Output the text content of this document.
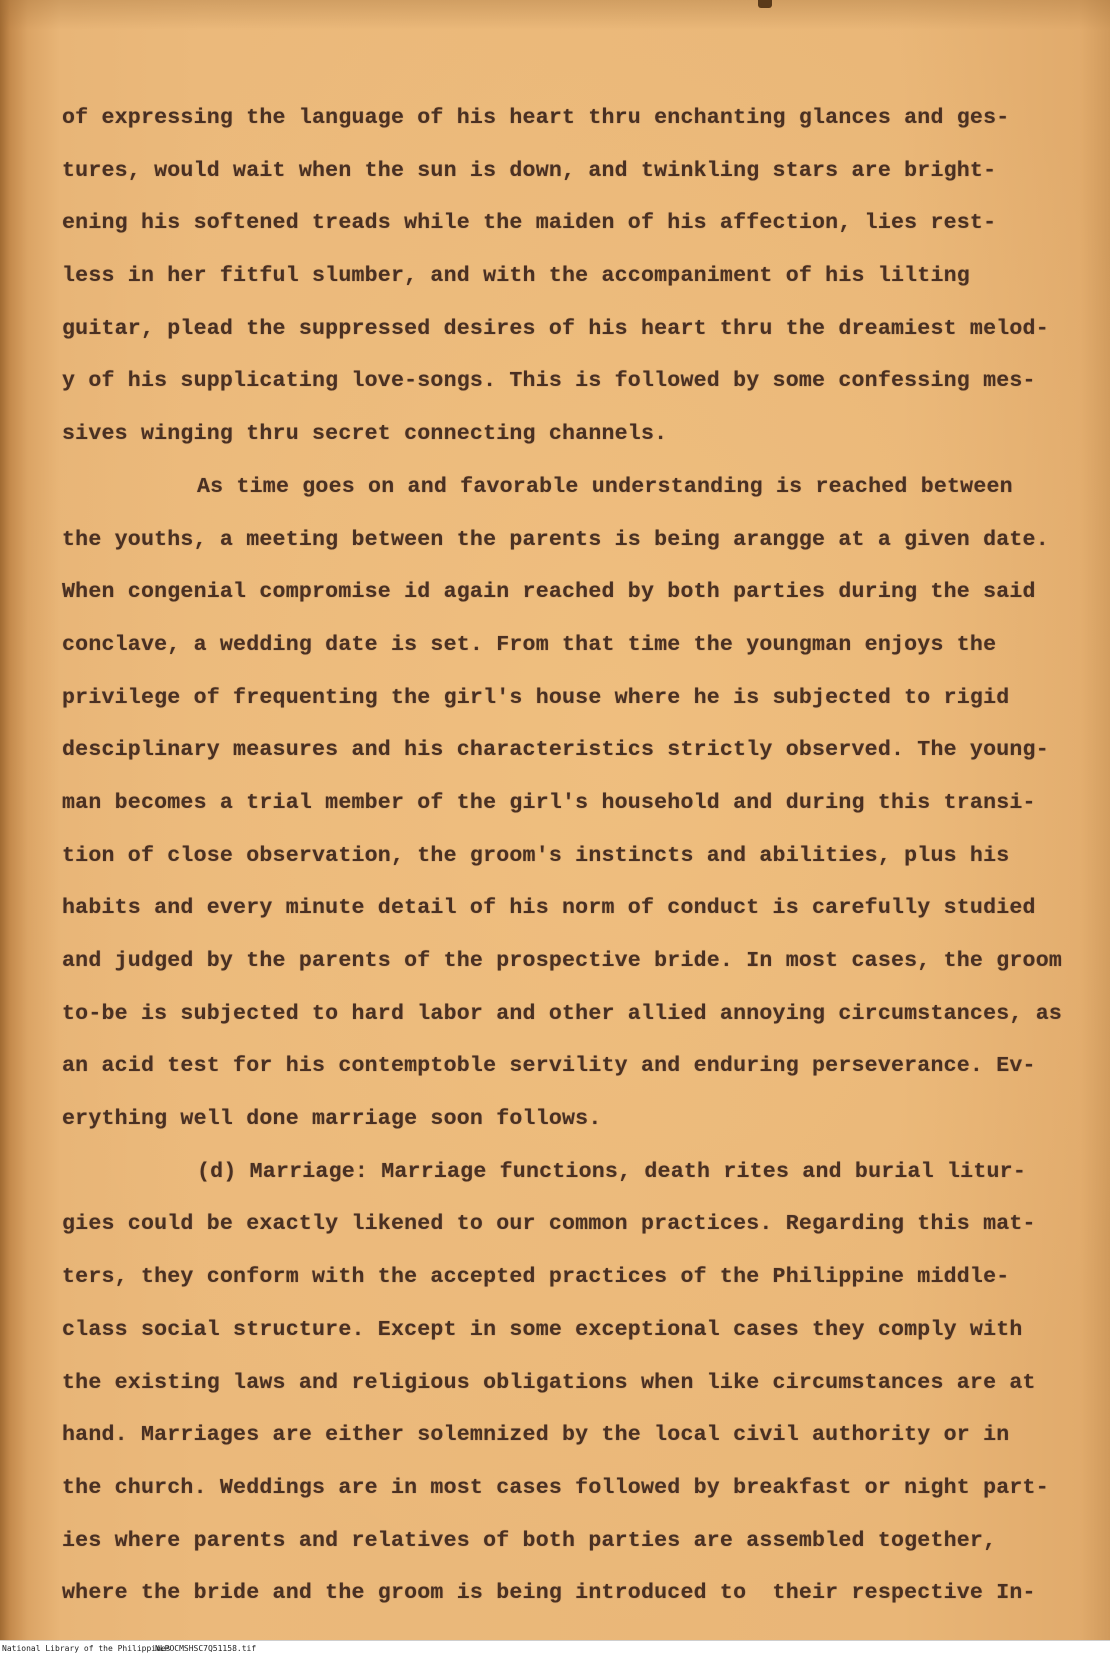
of expressing the language of his heart thru enchanting glances and ges-
tures, would wait when the sun is down, and twinkling stars are bright-
ening his softened treads while the maiden of his affection, lies rest-
less in her fitful slumber, and with the accompaniment of his lilting
guitar, plead the suppressed desires of his heart thru the dreamiest melod-
y of his supplicating love-songs. This is followed by some confessing mes-
sives winging thru secret connecting channels.
As time goes on and favorable understanding is reached between
the youths, a meeting between the parents is being arangge at a given date.
When congenial compromise id again reached by both parties during the said
conclave, a wedding date is set. From that time the youngman enjoys the
privilege of frequenting the girl's house where he is subjected to rigid
desciplinary measures and his characteristics strictly observed. The young-
man becomes a trial member of the girl's household and during this transi-
tion of close observation, the groom's instincts and abilities, plus his
habits and every minute detail of his norm of conduct is carefully studied
and judged by the parents of the prospective bride. In most cases, the groom
to-be is subjected to hard labor and other allied annoying circumstances, as
an acid test for his contemptoble servility and enduring perseverance. Ev-
erything well done marriage soon follows.
(d) Marriage: Marriage functions, death rites and burial litur-
gies could be exactly likened to our common practices. Regarding this mat-
ters, they conform with the accepted practices of the Philippine middle-
class social structure. Except in some exceptional cases they comply with
the existing laws and religious obligations when like circumstances are at
hand. Marriages are either solemnized by the local civil authority or in
the church. Weddings are in most cases followed by breakfast or night part-
ies where parents and relatives of both parties are assembled together,
where the bride and the groom is being introduced to  their respective In-
National Library of the Philippines
NLPOCMSHSC7Q51158.tif
